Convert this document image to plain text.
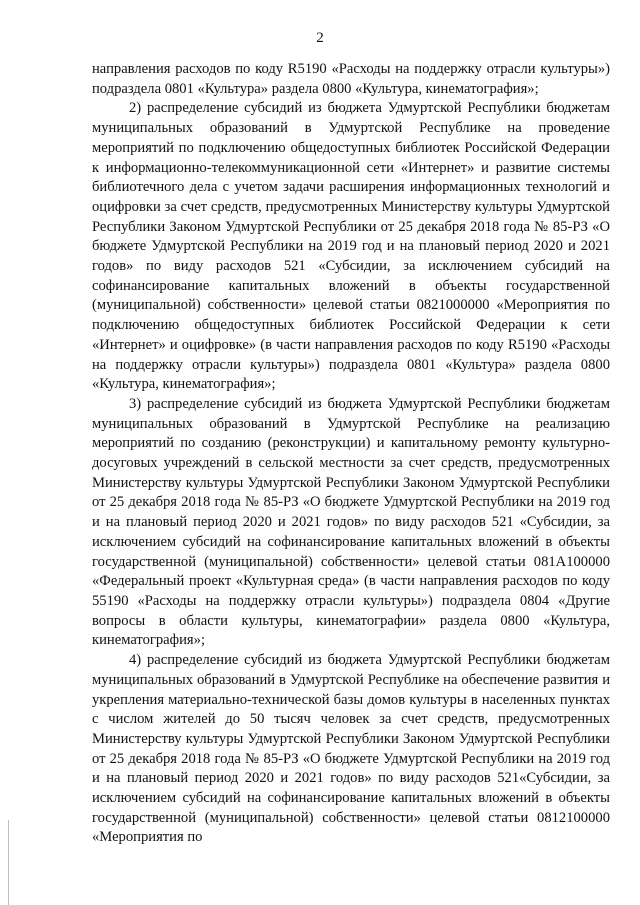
2

направления расходов по коду R5190 «Расходы на поддержку отрасли культуры») подраздела 0801 «Культура» раздела 0800 «Культура, кинематография»;

2) распределение субсидий из бюджета Удмуртской Республики бюджетам муниципальных образований в Удмуртской Республике на проведение мероприятий по подключению общедоступных библиотек Российской Федерации к информационно-телекоммуникационной сети «Интернет» и развитие системы библиотечного дела с учетом задачи расширения информационных технологий и оцифровки за счет средств, предусмотренных Министерству культуры Удмуртской Республики Законом Удмуртской Республики от 25 декабря 2018 года № 85-РЗ «О бюджете Удмуртской Республики на 2019 год и на плановый период 2020 и 2021 годов» по виду расходов 521 «Субсидии, за исключением субсидий на софинансирование капитальных вложений в объекты государственной (муниципальной) собственности» целевой статьи 0821000000 «Мероприятия по подключению общедоступных библиотек Российской Федерации к сети «Интернет» и оцифровке» (в части направления расходов по коду R5190 «Расходы на поддержку отрасли культуры») подраздела 0801 «Культура» раздела 0800 «Культура, кинематография»;

3) распределение субсидий из бюджета Удмуртской Республики бюджетам муниципальных образований в Удмуртской Республике на реализацию мероприятий по созданию (реконструкции) и капитальному ремонту культурно-досуговых учреждений в сельской местности за счет средств, предусмотренных Министерству культуры Удмуртской Республики Законом Удмуртской Республики от 25 декабря 2018 года № 85-РЗ «О бюджете Удмуртской Республики на 2019 год и на плановый период 2020 и 2021 годов» по виду расходов 521 «Субсидии, за исключением субсидий на софинансирование капитальных вложений в объекты государственной (муниципальной) собственности» целевой статьи 081А100000 «Федеральный проект «Культурная среда» (в части направления расходов по коду 55190 «Расходы на поддержку отрасли культуры») подраздела 0804 «Другие вопросы в области культуры, кинематографии» раздела 0800 «Культура, кинематография»;

4) распределение субсидий из бюджета Удмуртской Республики бюджетам муниципальных образований в Удмуртской Республике на обеспечение развития и укрепления материально-технической базы домов культуры в населенных пунктах с числом жителей до 50 тысяч человек за счет средств, предусмотренных Министерству культуры Удмуртской Республики Законом Удмуртской Республики от 25 декабря 2018 года № 85-РЗ «О бюджете Удмуртской Республики на 2019 год и на плановый период 2020 и 2021 годов» по виду расходов 521«Субсидии, за исключением субсидий на софинансирование капитальных вложений в объекты государственной (муниципальной) собственности» целевой статьи 0812100000 «Мероприятия по
